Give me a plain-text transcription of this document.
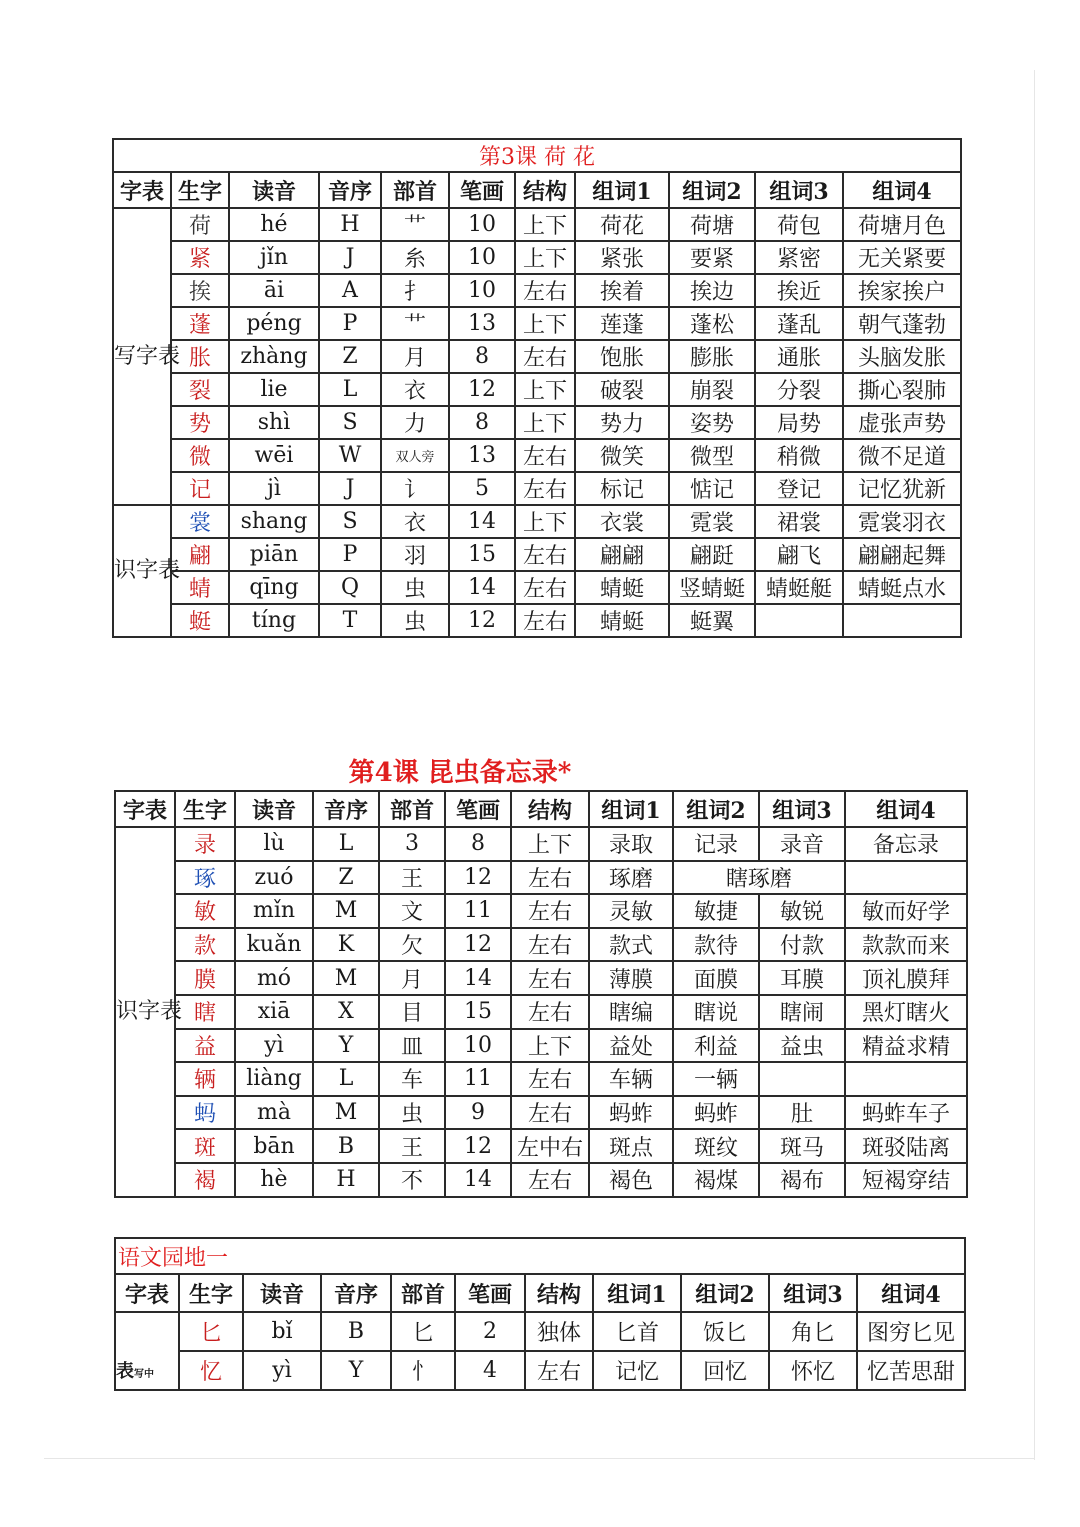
第3课 荷 花										
字表	生字	读音	音序	部首	笔画	结构	组词1	组词2	组词3	组词4
写字表	荷	hé	H	艹	10	上下	荷花	荷塘	荷包	荷塘月色
	紧	jǐn	J	糸	10	上下	紧张	要紧	紧密	无关紧要
	挨	āi	A	扌	10	左右	挨着	挨边	挨近	挨家挨户
	蓬	péng	P	艹	13	上下	莲蓬	蓬松	蓬乱	朝气蓬勃
	胀	zhàng	Z	月	8	左右	饱胀	膨胀	通胀	头脑发胀
	裂	lie	L	衣	12	上下	破裂	崩裂	分裂	撕心裂肺
	势	shì	S	力	8	上下	势力	姿势	局势	虚张声势
	微	wēi	W	双人旁	13	左右	微笑	微型	稍微	微不足道
	记	jì	J	讠	5	左右	标记	惦记	登记	记忆犹新
识字表	裳	shang	S	衣	14	上下	衣裳	霓裳	裙裳	霓裳羽衣
	翩	piān	P	羽	15	左右	翩翩	翩跹	翩飞	翩翩起舞
	蜻	qīng	Q	虫	14	左右	蜻蜓	竖蜻蜓	蜻蜓艇	蜻蜓点水
	蜓	tíng	T	虫	12	左右	蜻蜓	蜓翼		
第4课 昆虫备忘录*
字表	生字	读音	音序	部首	笔画	结构	组词1	组词2	组词3	组词4
识字表	录	lù	L	3	8	上下	录取	记录	录音	备忘录
	琢	zuó	Z	王	12	左右	琢磨	瞎琢磨		
	敏	mǐn	M	文	11	左右	灵敏	敏捷	敏锐	敏而好学
	款	kuǎn	K	欠	12	左右	款式	款待	付款	款款而来
	膜	mó	M	月	14	左右	薄膜	面膜	耳膜	顶礼膜拜
	瞎	xiā	X	目	15	左右	瞎编	瞎说	瞎闹	黑灯瞎火
	益	yì	Y	皿	10	上下	益处	利益	益虫	精益求精
	辆	liàng	L	车	11	左右	车辆	一辆		
	蚂	mà	M	虫	9	左右	蚂蚱	蚂蚱	肚	蚂蚱车子
	斑	bān	B	王	12	左中右	斑点	斑纹	斑马	斑驳陆离
	褐	hè	H	不	14	左右	褐色	褐煤	褐布	短褐穿结
语文园地一										
字表	生字	读音	音序	部首	笔画	结构	组词1	组词2	组词3	组词4

表写中	匕	bǐ	B	匕	2	独体	匕首	饭匕	角匕	图穷匕见
	忆	yì	Y	忄	4	左右	记忆	回忆	怀忆	忆苦思甜
